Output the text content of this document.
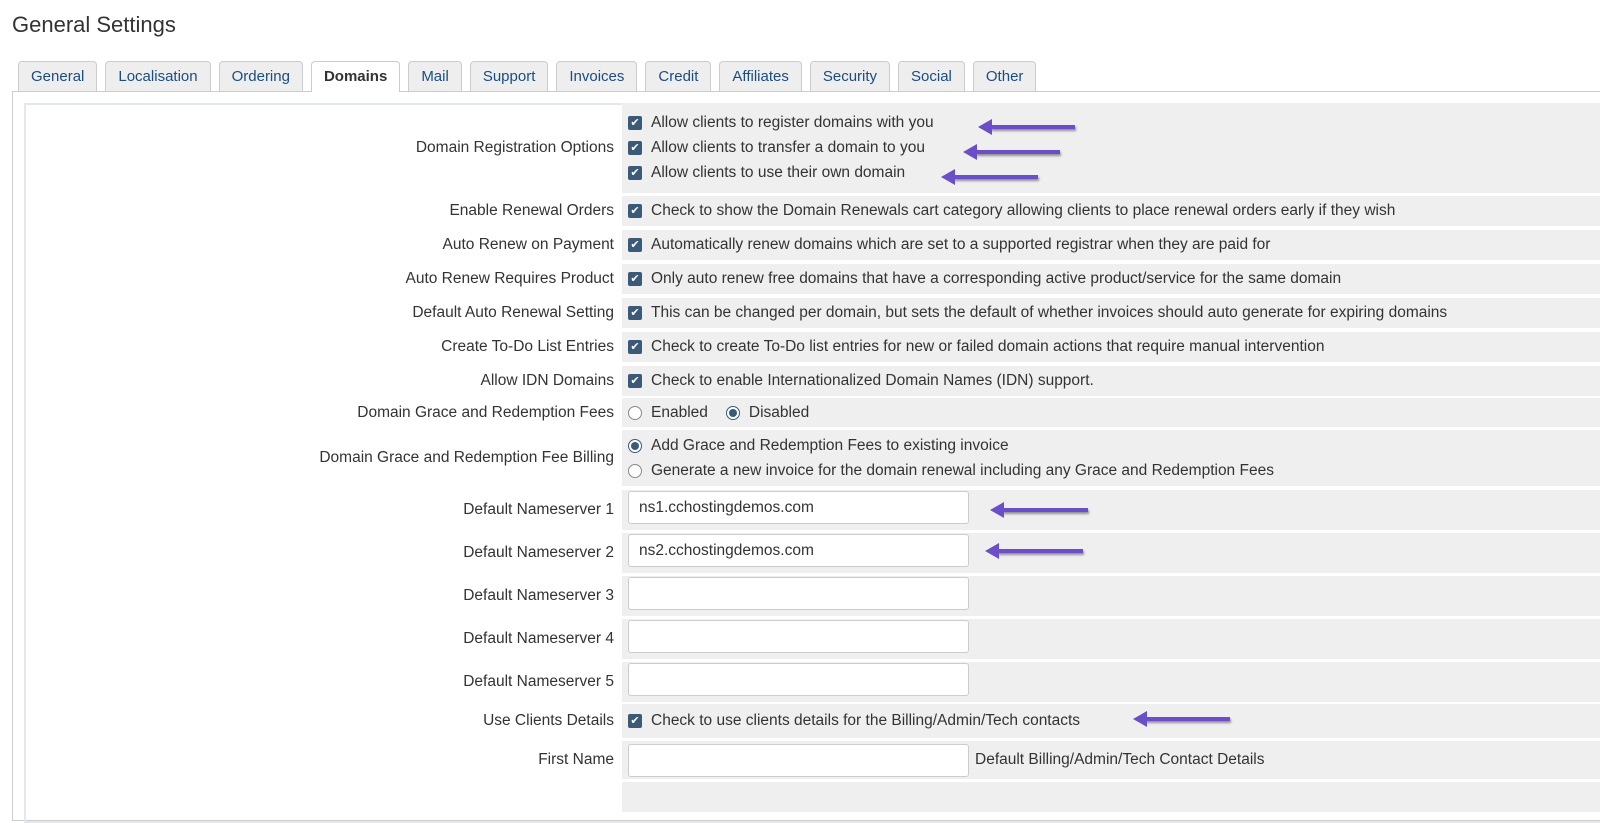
General Settings
General	Localisation	Ordering	Domains	Mail	Support	Invoices	Credit	Affiliates	Security	Social	Other
Domain Registration Options
✔ Allow clients to register domains with you
✔ Allow clients to transfer a domain to you
✔ Allow clients to use their own domain
Enable Renewal Orders	✔ Check to show the Domain Renewals cart category allowing clients to place renewal orders early if they wish
Auto Renew on Payment	✔ Automatically renew domains which are set to a supported registrar when they are paid for
Auto Renew Requires Product	✔ Only auto renew free domains that have a corresponding active product/service for the same domain
Default Auto Renewal Setting	✔ This can be changed per domain, but sets the default of whether invoices should auto generate for expiring domains
Create To-Do List Entries	✔ Check to create To-Do list entries for new or failed domain actions that require manual intervention
Allow IDN Domains	✔ Check to enable Internationalized Domain Names (IDN) support.
Domain Grace and Redemption Fees	Enabled	Disabled
Domain Grace and Redemption Fee Billing
Add Grace and Redemption Fees to existing invoice
Generate a new invoice for the domain renewal including any Grace and Redemption Fees
Default Nameserver 1	ns1.cchostingdemos.com
Default Nameserver 2	ns2.cchostingdemos.com
Default Nameserver 3
Default Nameserver 4
Default Nameserver 5
Use Clients Details	✔ Check to use clients details for the Billing/Admin/Tech contacts
First Name	Default Billing/Admin/Tech Contact Details
